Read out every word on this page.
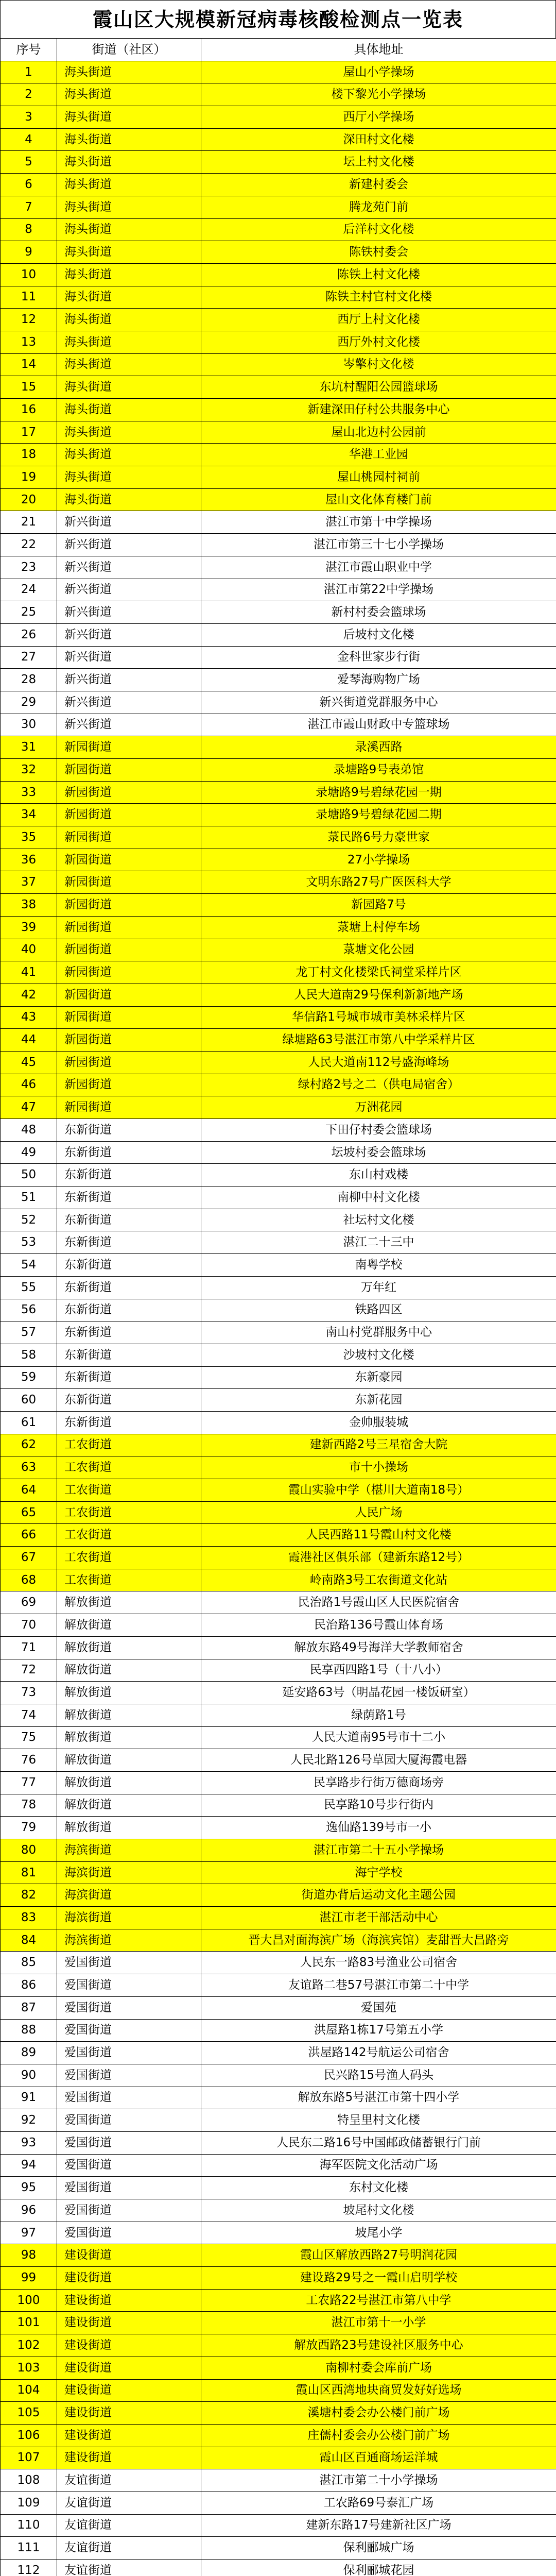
霞山区大规模新冠病毒核酸检测点一览表
序号	街道（社区）	具体地址
1	海头街道	屋山小学操场
2	海头街道	楼下黎光小学操场
3	海头街道	西厅小学操场
4	海头街道	深田村文化楼
5	海头街道	坛上村文化楼
6	海头街道	新建村委会
7	海头街道	腾龙苑门前
8	海头街道	后洋村文化楼
9	海头街道	陈铁村委会
10	海头街道	陈铁上村文化楼
11	海头街道	陈铁主村官村文化楼
12	海头街道	西厅上村文化楼
13	海头街道	西厅外村文化楼
14	海头街道	岑擎村文化楼
15	海头街道	东坑村醒阳公园篮球场
16	海头街道	新建深田仔村公共服务中心
17	海头街道	屋山北边村公园前
18	海头街道	华港工业园
19	海头街道	屋山桃园村祠前
20	海头街道	屋山文化体育楼门前
21	新兴街道	湛江市第十中学操场
22	新兴街道	湛江市第三十七小学操场
23	新兴街道	湛江市霞山职业中学
24	新兴街道	湛江市第22中学操场
25	新兴街道	新村村委会篮球场
26	新兴街道	后坡村文化楼
27	新兴街道	金科世家步行街
28	新兴街道	爱琴海购物广场
29	新兴街道	新兴街道党群服务中心
30	新兴街道	湛江市霞山财政中专篮球场
31	新园街道	录溪西路
32	新园街道	录塘路9号表弟馆
33	新园街道	录塘路9号碧绿花园一期
34	新园街道	录塘路9号碧绿花园二期
35	新园街道	菉民路6号力豪世家
36	新园街道	27小学操场
37	新园街道	文明东路27号广医医科大学
38	新园街道	新园路7号
39	新园街道	菉塘上村停车场
40	新园街道	菉塘文化公园
41	新园街道	龙丁村文化楼梁氏祠堂采样片区
42	新园街道	人民大道南29号保利新新地产场
43	新园街道	华信路1号城市城市美林采样片区
44	新园街道	绿塘路63号湛江市第八中学采样片区
45	新园街道	人民大道南112号盛海峰场
46	新园街道	绿村路2号之二（供电局宿舍）
47	新园街道	万洲花园
48	东新街道	下田仔村委会篮球场
49	东新街道	坛坡村委会篮球场
50	东新街道	东山村戏楼
51	东新街道	南柳中村文化楼
52	东新街道	社坛村文化楼
53	东新街道	湛江二十三中
54	东新街道	南粤学校
55	东新街道	万年红
56	东新街道	铁路四区
57	东新街道	南山村党群服务中心
58	东新街道	沙坡村文化楼
59	东新街道	东新豪园
60	东新街道	东新花园
61	东新街道	金帅服装城
62	工农街道	建新西路2号三星宿舍大院
63	工农街道	市十小操场
64	工农街道	霞山实验中学（椹川大道南18号）
65	工农街道	人民广场
66	工农街道	人民西路11号霞山村文化楼
67	工农街道	霞港社区俱乐部（建新东路12号）
68	工农街道	岭南路3号工农街道文化站
69	解放街道	民治路1号霞山区人民医院宿舍
70	解放街道	民治路136号霞山体育场
71	解放街道	解放东路49号海洋大学教师宿舍
72	解放街道	民享西四路1号（十八小）
73	解放街道	延安路63号（明晶花园一楼饭研室）
74	解放街道	绿荫路1号
75	解放街道	人民大道南95号市十二小
76	解放街道	人民北路126号草园大厦海霞电器
77	解放街道	民享路步行街万德商场旁
78	解放街道	民享路10号步行街内
79	解放街道	逸仙路139号市一小
80	海滨街道	湛江市第二十五小学操场
81	海滨街道	海宁学校
82	海滨街道	街道办背后运动文化主题公园
83	海滨街道	湛江市老干部活动中心
84	海滨街道	晋大昌对面海滨广场（海滨宾馆）麦甜晋大昌路旁
85	爱国街道	人民东一路83号渔业公司宿舍
86	爱国街道	友谊路二巷57号湛江市第二十中学
87	爱国街道	爱国苑
88	爱国街道	洪屋路1栋17号第五小学
89	爱国街道	洪屋路142号航运公司宿舍
90	爱国街道	民兴路15号渔人码头
91	爱国街道	解放东路5号湛江市第十四小学
92	爱国街道	特呈里村文化楼
93	爱国街道	人民东二路16号中国邮政储蓄银行门前
94	爱国街道	海军医院文化活动广场
95	爱国街道	东村文化楼
96	爱国街道	坡尾村文化楼
97	爱国街道	坡尾小学
98	建设街道	霞山区解放西路27号明润花园
99	建设街道	建设路29号之一霞山启明学校
100	建设街道	工农路22号湛江市第八中学
101	建设街道	湛江市第十一小学
102	建设街道	解放西路23号建设社区服务中心
103	建设街道	南柳村委会库前广场
104	建设街道	霞山区西湾地块商贸发好好选场
105	建设街道	溪塘村委会办公楼门前广场
106	建设街道	庄儒村委会办公楼门前广场
107	建设街道	霞山区百通商场运洋城
108	友谊街道	湛江市第二十小学操场
109	友谊街道	工农路69号泰汇广场
110	友谊街道	建新东路17号建新社区广场
111	友谊街道	保利郦城广场
112	友谊街道	保利郦城花园
